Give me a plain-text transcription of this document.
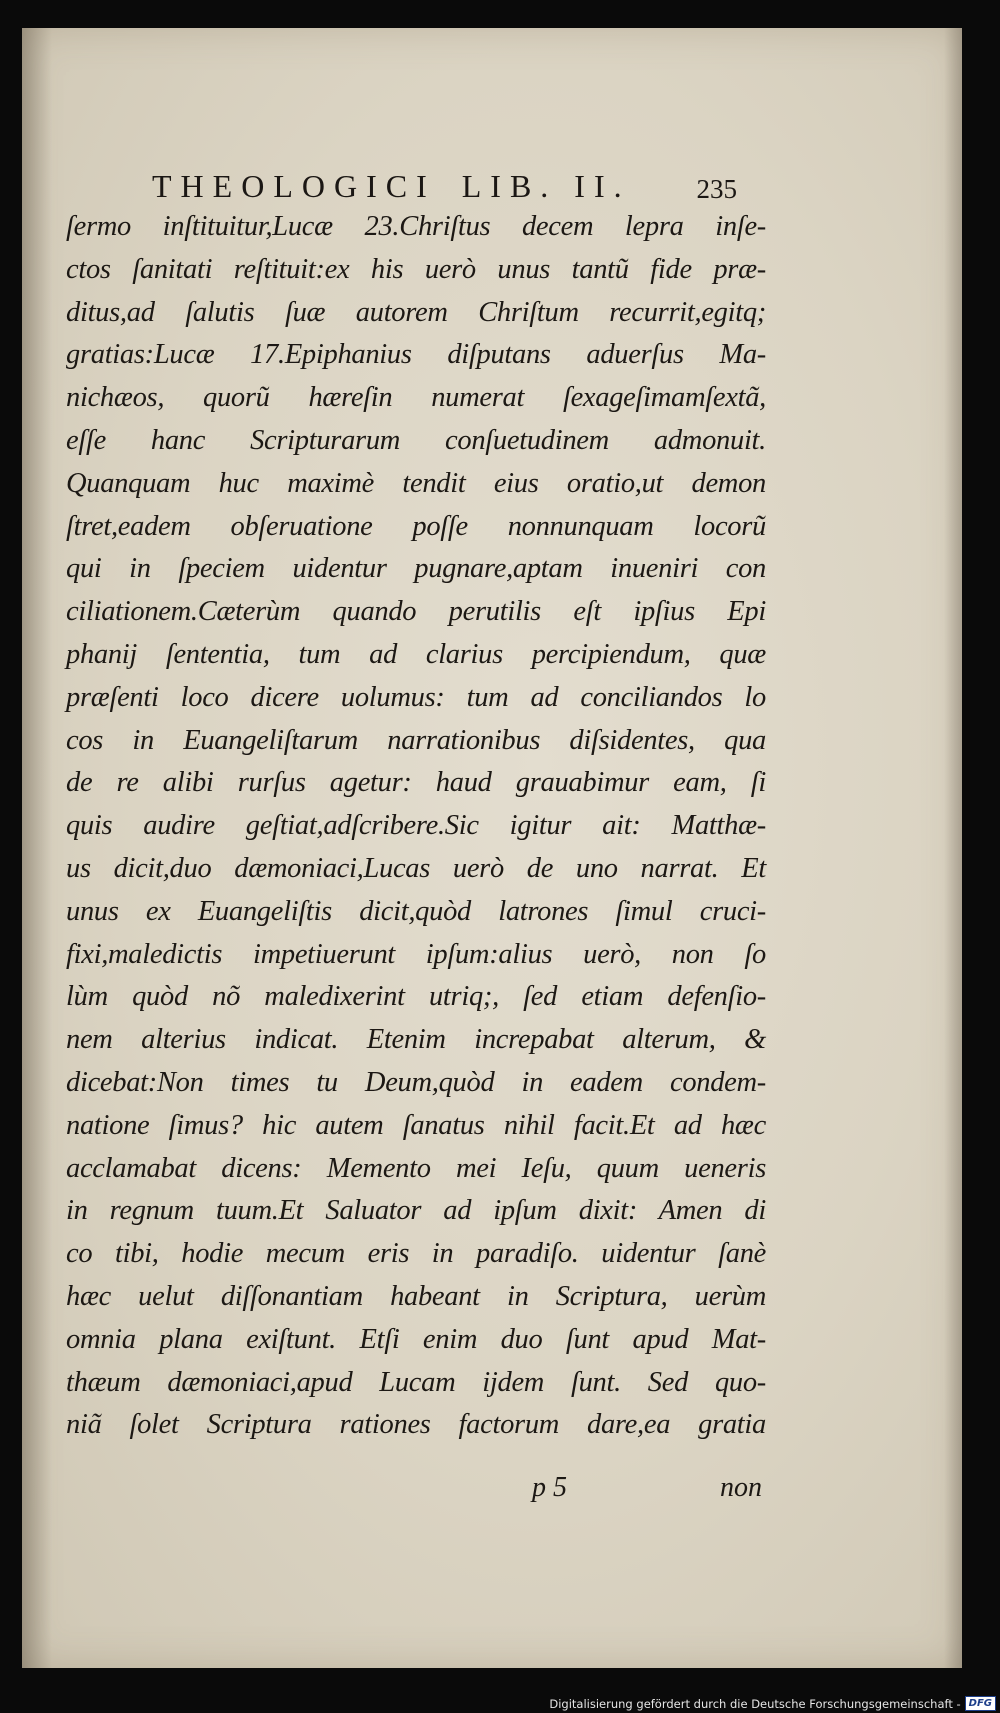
THEOLOGICI LIB. II.	235
ſermo inſtituitur,Lucæ 23.Chriſtus decem lepra inſe-
ctos ſanitati reſtituit:ex his uerò unus tantũ fide præ-
ditus,ad ſalutis ſuæ autorem Chriſtum recurrit,egitq;
gratias:Lucæ 17.Epiphanius diſputans aduerſus Ma-
nichæos, quorũ hæreſin numerat ſexageſimamſextã,
eſſe hanc Scripturarum conſuetudinem admonuit.
Quanquam huc maximè tendit eius oratio,ut demon
ſtret,eadem obſeruatione poſſe nonnunquam locorũ
qui in ſpeciem uidentur pugnare,aptam inueniri con
ciliationem.Cæterùm quando perutilis eſt ipſius Epi
phanij ſententia, tum ad clarius percipiendum, quæ
præſenti loco dicere uolumus: tum ad conciliandos lo
cos in Euangeliſtarum narrationibus diſsidentes, qua
de re alibi rurſus agetur: haud grauabimur eam, ſi
quis audire geſtiat,adſcribere.Sic igitur ait: Matthæ-
us dicit,duo dæmoniaci,Lucas uerò de uno narrat. Et
unus ex Euangeliſtis dicit,quòd latrones ſimul cruci-
fixi,maledictis impetiuerunt ipſum:alius uerò, non ſo
lùm quòd nõ maledixerint utriq;, ſed etiam defenſio-
nem alterius indicat. Etenim increpabat alterum, &
dicebat:Non times tu Deum,quòd in eadem condem-
natione ſimus? hic autem ſanatus nihil facit.Et ad hæc
acclamabat dicens: Memento mei Ieſu, quum ueneris
in regnum tuum.Et Saluator ad ipſum dixit: Amen di
co tibi, hodie mecum eris in paradiſo. uidentur ſanè
hæc uelut diſſonantiam habeant in Scriptura, uerùm
omnia plana exiſtunt. Etſi enim duo ſunt apud Mat-
thæum dæmoniaci,apud Lucam ijdem ſunt. Sed quo-
niã ſolet Scriptura rationes factorum dare,ea gratia
p 5	non
Digitalisierung gefördert durch die Deutsche Forschungsgemeinschaft - DFG
